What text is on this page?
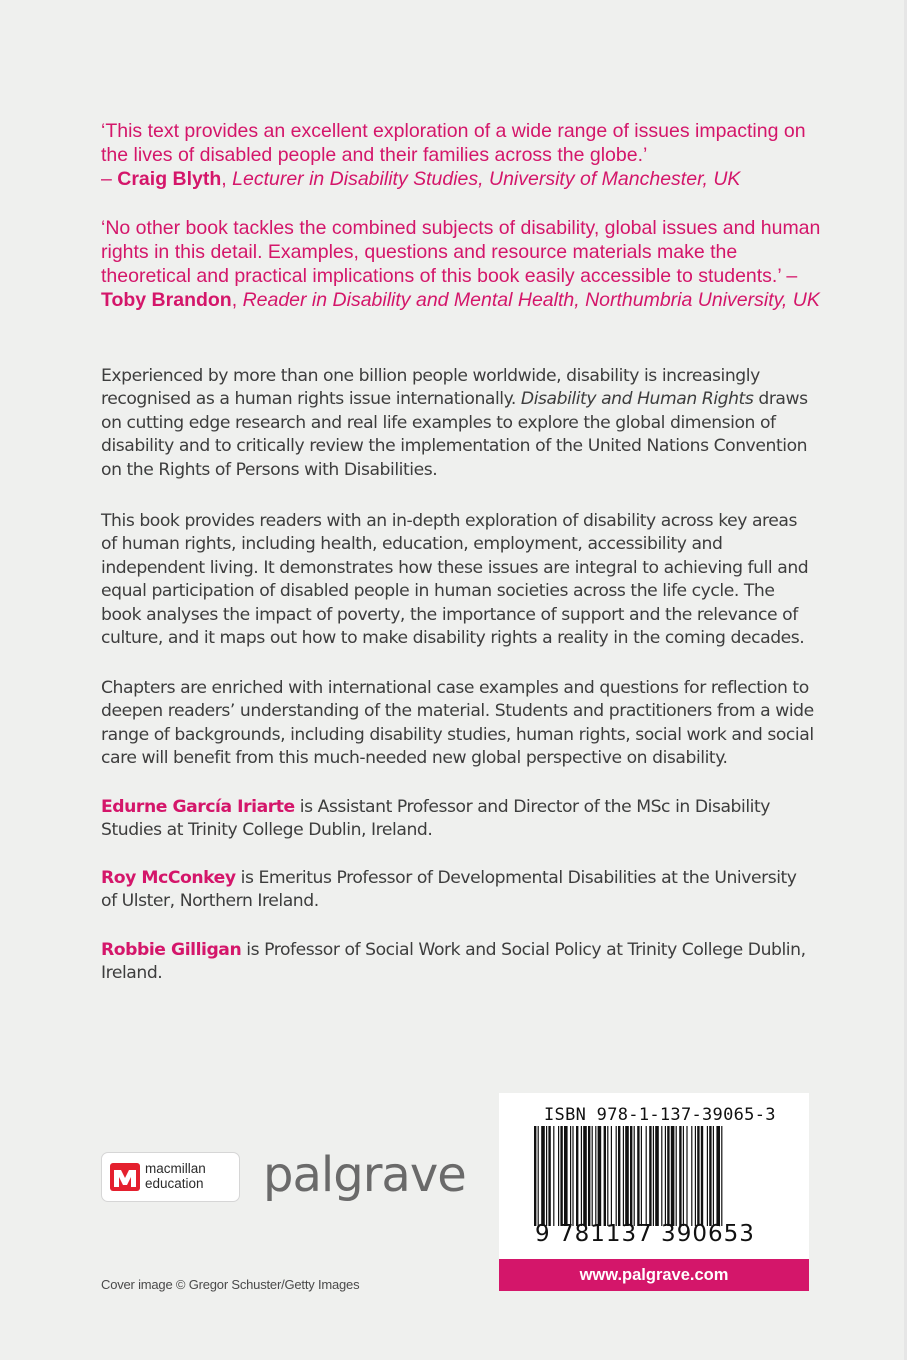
‘This text provides an excellent exploration of a wide range of issues impacting on the lives of disabled people and their families across the globe.’
– Craig Blyth, Lecturer in Disability Studies, University of Manchester, UK
‘No other book tackles the combined subjects of disability, global issues and human rights in this detail. Examples, questions and resource materials make the theoretical and practical implications of this book easily accessible to students.’ – Toby Brandon, Reader in Disability and Mental Health, Northumbria University, UK
Experienced by more than one billion people worldwide, disability is increasingly recognised as a human rights issue internationally. Disability and Human Rights draws on cutting edge research and real life examples to explore the global dimension of disability and to critically review the implementation of the United Nations Convention on the Rights of Persons with Disabilities.
This book provides readers with an in-depth exploration of disability across key areas of human rights, including health, education, employment, accessibility and independent living. It demonstrates how these issues are integral to achieving full and equal participation of disabled people in human societies across the life cycle. The book analyses the impact of poverty, the importance of support and the relevance of culture, and it maps out how to make disability rights a reality in the coming decades.
Chapters are enriched with international case examples and questions for reflection to deepen readers’ understanding of the material. Students and practitioners from a wide range of backgrounds, including disability studies, human rights, social work and social care will benefit from this much-needed new global perspective on disability.
Edurne García Iriarte is Assistant Professor and Director of the MSc in Disability Studies at Trinity College Dublin, Ireland.
Roy McConkey is Emeritus Professor of Developmental Disabilities at the University of Ulster, Northern Ireland.
Robbie Gilligan is Professor of Social Work and Social Policy at Trinity College Dublin, Ireland.
macmillan
education palgrave
ISBN 978-1-137-39065-3
9 781137 390653
www.palgrave.com
Cover image © Gregor Schuster/Getty Images
